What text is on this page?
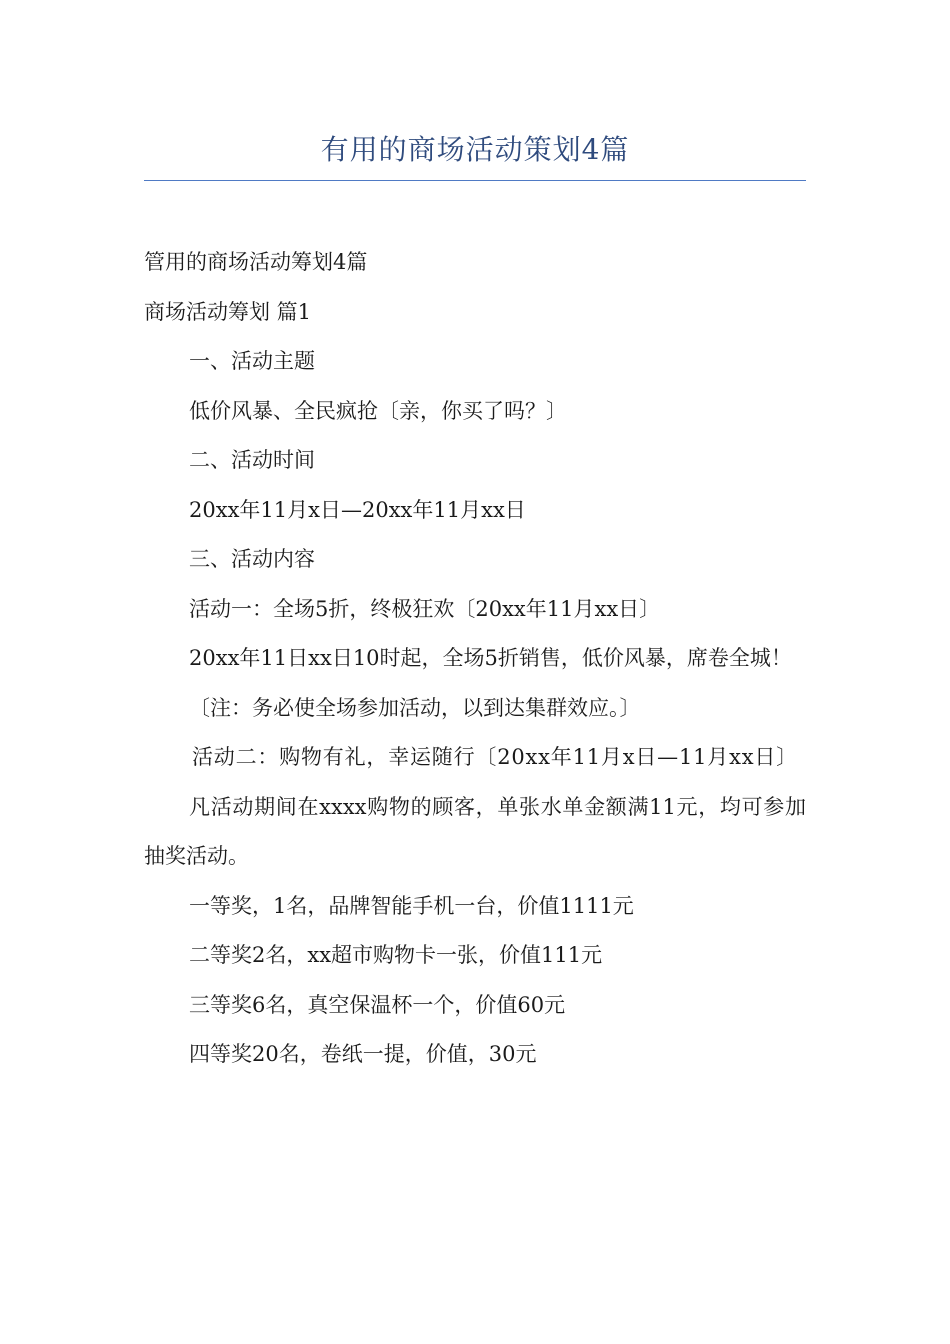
有用的商场活动策划4篇

管用的商场活动筹划4篇

商场活动筹划 篇1

一、活动主题

低价风暴、全民疯抢〔亲，你买了吗？〕

二、活动时间

20xx年11月x日—20xx年11月xx日

三、活动内容

活动一：全场5折，终极狂欢〔20xx年11月xx日〕

20xx年11日xx日10时起，全场5折销售，低价风暴，席卷全城！

〔注：务必使全场参加活动，以到达集群效应。〕

活动二：购物有礼，幸运随行〔20xx年11月x日—11月xx日〕

凡活动期间在xxxx购物的顾客，单张水单金额满11元，均可参加抽奖活动。

一等奖，1名，品牌智能手机一台，价值1111元

二等奖2名，xx超市购物卡一张，价值111元

三等奖6名，真空保温杯一个，价值60元

四等奖20名，卷纸一提，价值，30元
